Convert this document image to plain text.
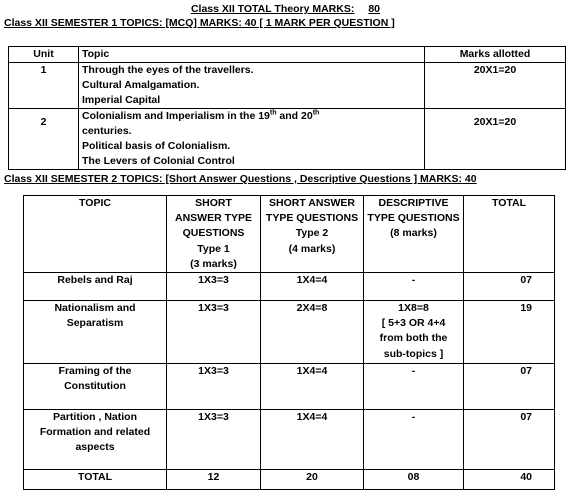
Class XII TOTAL Theory MARKS: 80
Class XII SEMESTER 1 TOPICS: [MCQ] MARKS: 40 [ 1 MARK PER QUESTION ]
Unit	Topic	Marks allotted
1	Through the eyes of the travellers.
Cultural Amalgamation.
Imperial Capital	20X1=20
2	Colonialism and Imperialism in the 19th and 20th
centuries.
Political basis of Colonialism.
The Levers of Colonial Control	20X1=20
Class XII SEMESTER 2 TOPICS: [Short Answer Questions , Descriptive Questions ] MARKS: 40
TOPIC	SHORT
ANSWER TYPE
QUESTIONS
Type 1
(3 marks)	SHORT ANSWER
TYPE QUESTIONS
Type 2
(4 marks)	DESCRIPTIVE
TYPE QUESTIONS
(8 marks)	TOTAL
Rebels and Raj	1X3=3	1X4=4	-	07

Nationalism and
Separatism	1X3=3	2X4=8	1X8=8
[ 5+3 OR 4+4
from both the
sub-topics ]	19

Framing of the
Constitution	1X3=3	1X4=4	-	07

Partition , Nation
Formation and related
aspects	1X3=3	1X4=4	-	07
TOTAL	12	20	08	40
